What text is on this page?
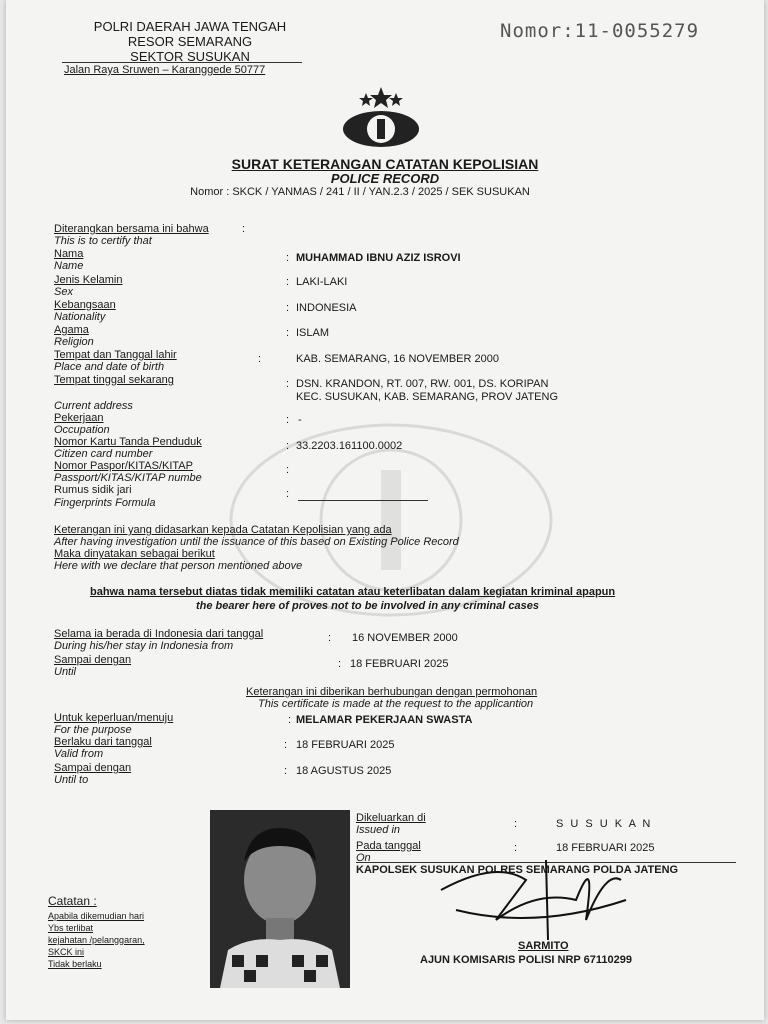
POLRI DAERAH JAWA TENGAH
RESOR SEMARANG
SEKTOR SUSUKAN
Jalan Raya Sruwen – Karanggede 50777
Nomor:11-0055279
SURAT KETERANGAN CATATAN KEPOLISIAN
POLICE RECORD
Nomor : SKCK / YANMAS / 241 / II / YAN.2.3 / 2025 / SEK SUSUKAN
Diterangkan bersama ini bahwa	:
This is to certify that
Nama
Name
: MUHAMMAD IBNU AZIZ ISROVI
Jenis Kelamin
Sex
: LAKI-LAKI
Kebangsaan
Nationality
: INDONESIA
Agama
Religion
: ISLAM
Tempat dan Tanggal lahir
Place and date of birth
:	KAB. SEMARANG, 16 NOVEMBER 2000
Tempat tinggal sekarang
Current address
: DSN. KRANDON, RT. 007, RW. 001, DS. KORIPAN
KEC. SUSUKAN, KAB. SEMARANG, PROV JATENG
Pekerjaan
Occupation
: -
Nomor Kartu Tanda Penduduk
Citizen card number
: 33.2203.161100.0002
Nomor Paspor/KITAS/KITAP
Passport/KITAS/KITAP numbe
:
Rumus sidik jari
Fingerprints Formula
:
Keterangan ini yang didasarkan kepada Catatan Kepolisian yang ada
After having investigation until the issuance of this based on Existing Police Record
Maka dinyatakan sebagai berikut
Here with we declare that person mentioned above
bahwa nama tersebut diatas tidak memiliki catatan atau keterlibatan dalam kegiatan kriminal apapun
the bearer here of proves not to be involved in any criminal cases
Selama ia berada di Indonesia dari tanggal
During his/her stay in Indonesia from
: 16 NOVEMBER 2000
Sampai dengan
Until
: 18 FEBRUARI 2025
Keterangan ini diberikan berhubungan dengan permohonan
This certificate is made at the request to the applicantion
Untuk keperluan/menuju
For the purpose
: MELAMAR PEKERJAAN SWASTA
Berlaku dari tanggal
Valid from
: 18 FEBRUARI 2025
Sampai dengan
Until to
: 18 AGUSTUS 2025
Dikeluarkan di
Issued in	:	S U S U K A N
Pada tanggal
On
:	18 FEBRUARI 2025
KAPOLSEK SUSUKAN POLRES SEMARANG POLDA JATENG
SARMITO
AJUN KOMISARIS POLISI NRP 67110299
Catatan :
Apabila dikemudian hari
Ybs terlibat
kejahatan /pelanggaran,
SKCK ini
Tidak berlaku
